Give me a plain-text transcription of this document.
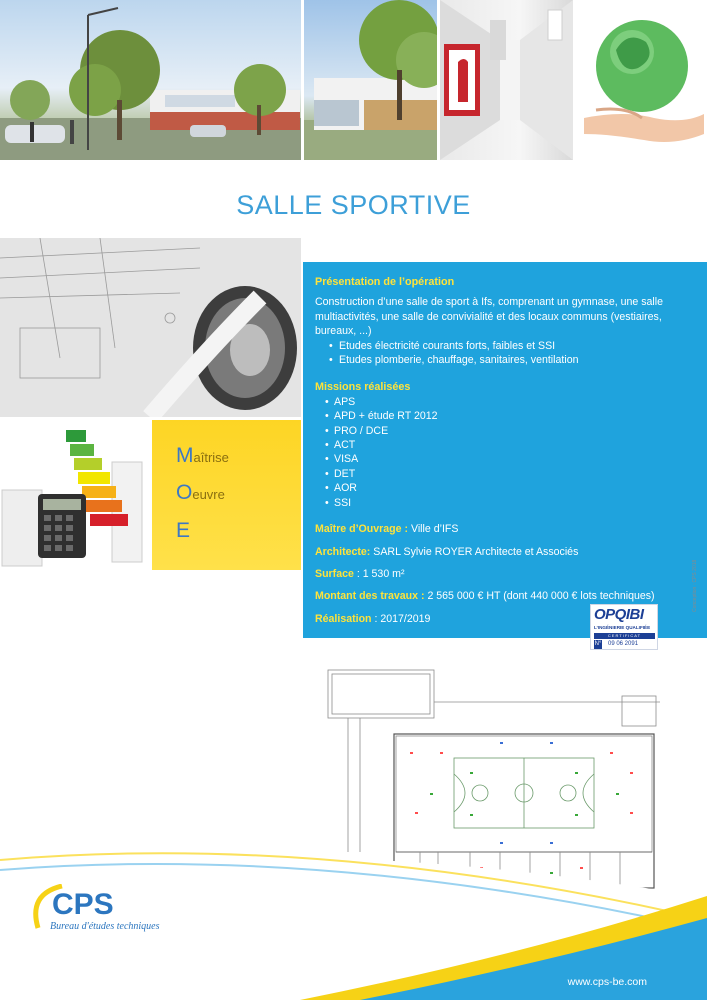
SALLE SPORTIVE
Maîtrise
Oeuvre
E
Présentation de l’opération
Construction d’une salle de sport à Ifs, comprenant un gymnase, une salle multiactivités, une salle de convivialité et des locaux communs (vestiaires, bureaux, ...)
• Etudes électricité courants forts, faibles et SSI
• Etudes plomberie, chauffage, sanitaires, ventilation
Missions réalisées
• APS
• APD + étude RT 2012
• PRO / DCE
• ACT
• VISA
• DET
• AOR
• SSI
Maître d’Ouvrage : Ville d’IFS
Architecte: SARL Sylvie ROYER Architecte et Associés
Surface : 1 530 m²
Montant des travaux : 2 565 000 € HT (dont 440 000 € lots techniques)
Réalisation : 2017/2019	OPQIBI
L’INGÉNIERIE QUALIFIÉE
CERTIFICAT
N° 09 06 2091
Conception : CPS 2018
CPS
Bureau d'études techniques
www.cps-be.com
